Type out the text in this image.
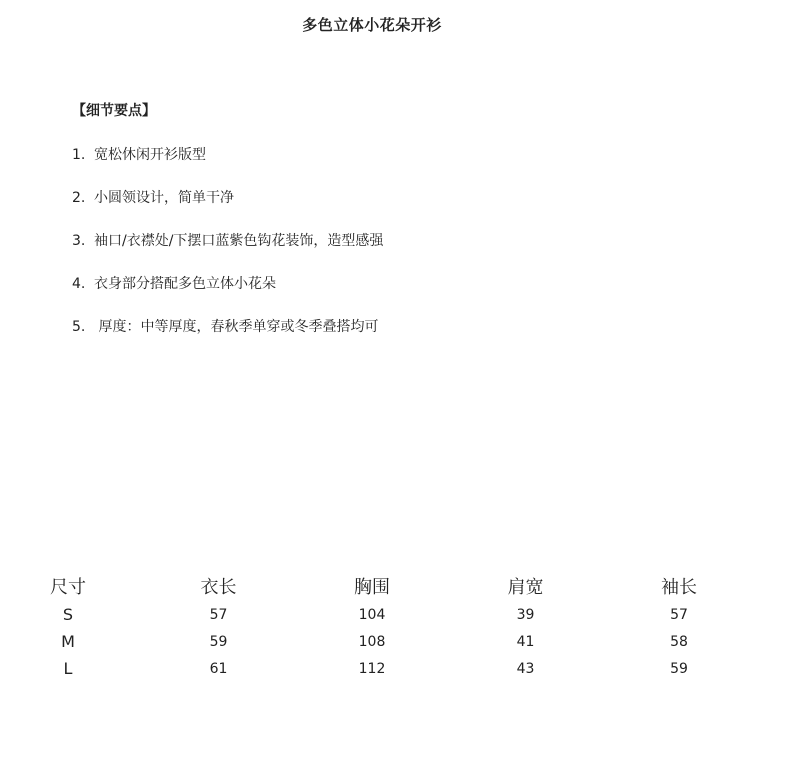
多色立体小花朵开衫
【细节要点】
1. 宽松休闲开衫版型
2. 小圆领设计，简单干净
3. 袖口/衣襟处/下摆口蓝紫色钩花装饰，造型感强
4. 衣身部分搭配多色立体小花朵
5. 厚度：中等厚度，春秋季单穿或冬季叠搭均可
尺寸	衣长	胸围	肩宽	袖长
S	57	104	39	57
M	59	108	41	58
L	61	112	43	59
